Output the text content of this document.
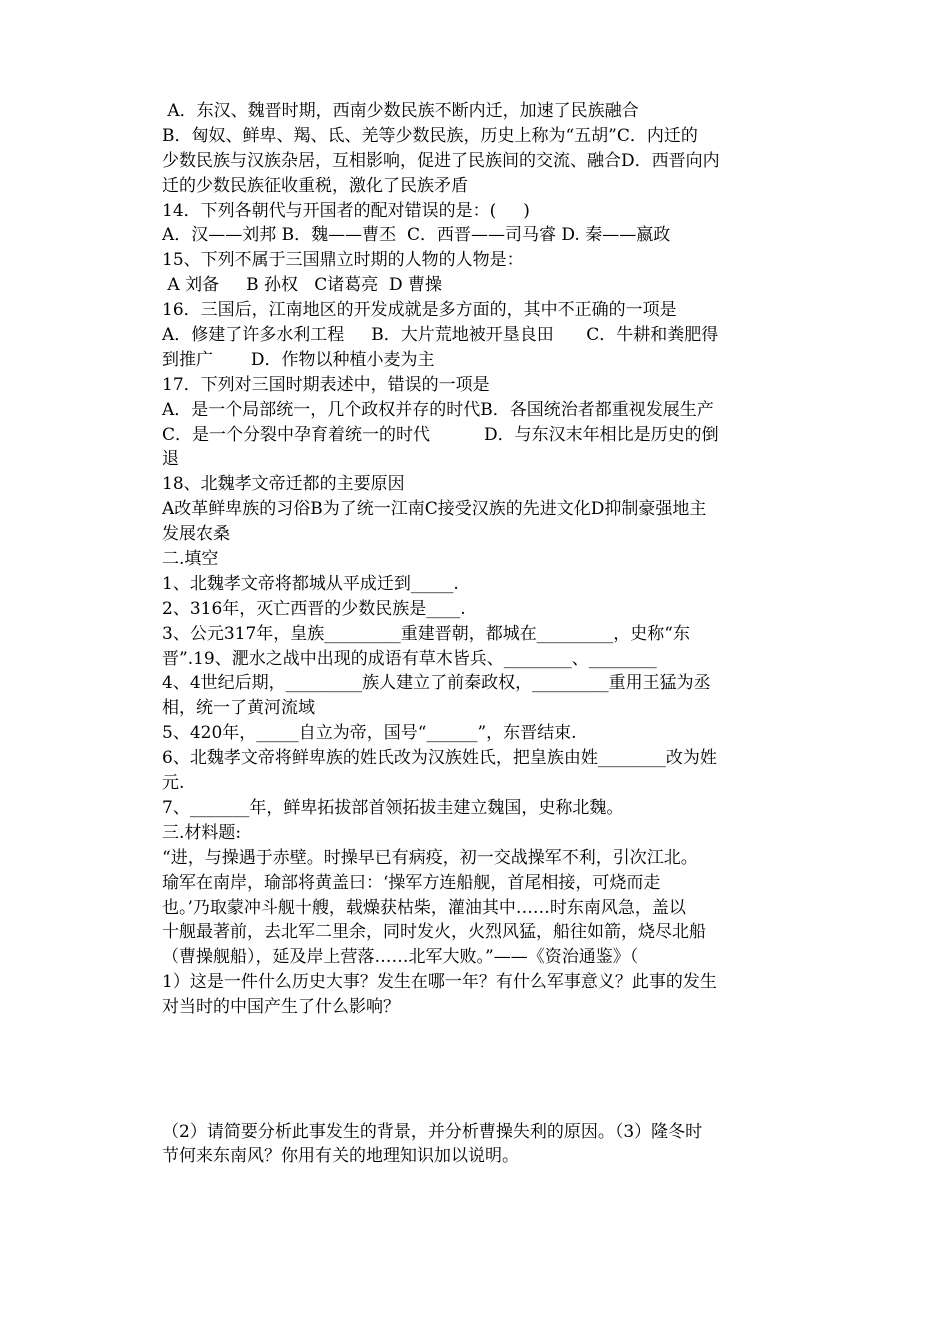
A．东汉、魏晋时期，西南少数民族不断内迁，加速了民族融合
B．匈奴、鲜卑、羯、氐、羌等少数民族，历史上称为“五胡”C．内迁的
少数民族与汉族杂居，互相影响，促进了民族间的交流、融合D．西晋向内
迁的少数民族征收重税，激化了民族矛盾
14．下列各朝代与开国者的配对错误的是：(     )
A．汉——刘邦 B．魏——曹丕  C．西晋——司马睿 D. 秦——嬴政
15、下列不属于三国鼎立时期的人物的人物是：
A 刘备     B 孙权   C诸葛亮  D 曹操
16．三国后，江南地区的开发成就是多方面的，其中不正确的一项是
A．修建了许多水利工程     B．大片荒地被开垦良田      C．牛耕和粪肥得
到推广       D．作物以种植小麦为主
17．下列对三国时期表述中，错误的一项是
A．是一个局部统一，几个政权并存的时代B．各国统治者都重视发展生产
C．是一个分裂中孕育着统一的时代          D．与东汉末年相比是历史的倒
退
18、北魏孝文帝迁都的主要原因
A改革鲜卑族的习俗B为了统一江南C接受汉族的先进文化D抑制豪强地主
发展农桑
二.填空
1、北魏孝文帝将都城从平成迁到_____.
2、316年，灭亡西晋的少数民族是____.
3、公元317年，皇族_________重建晋朝，都城在_________，史称“东
晋”.19、淝水之战中出现的成语有草木皆兵、________、________
4、4世纪后期，_________族人建立了前秦政权，_________重用王猛为丞
相，统一了黄河流域
5、420年，_____自立为帝，国号“______”，东晋结束.
6、北魏孝文帝将鲜卑族的姓氏改为汉族姓氏，把皇族由姓________改为姓
元.
7、_______年，鲜卑拓拔部首领拓拔圭建立魏国，史称北魏。
三.材料题:
“进，与操遇于赤壁。时操早已有病疫，初一交战操军不利，引次江北。
瑜军在南岸，瑜部将黄盖曰：‘操军方连船舰，首尾相接，可烧而走
也。’乃取蒙冲斗舰十艘，载燥获枯柴，灌油其中……时东南风急，盖以
十舰最著前，去北军二里余，同时发火，火烈风猛，船往如箭，烧尽北船
（曹操舰船），延及岸上营落……北军大败。”——《资治通鉴》（
1）这是一件什么历史大事？发生在哪一年？有什么军事意义？此事的发生
对当时的中国产生了什么影响？
（2）请简要分析此事发生的背景，并分析曹操失利的原因。（3）隆冬时
节何来东南风？你用有关的地理知识加以说明。
